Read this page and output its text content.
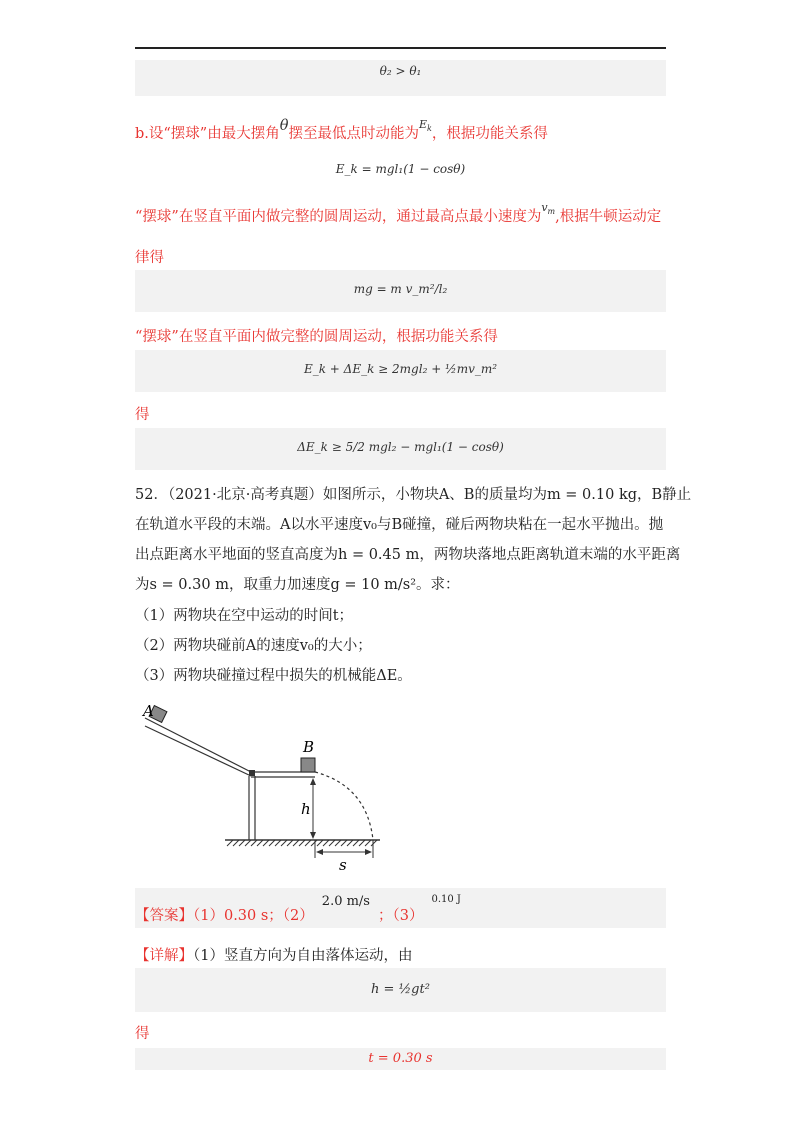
θ₂ > θ₁
b.设“摆球”由最大摆角θ摆至最低点时动能为$^{E_k}$，根据功能关系得
E_k = mgl₁(1 − cosθ)
“摆球”在竖直平面内做完整的圆周运动，通过最高点最小速度为$^{v_m}$,根据牛顿运动定
律得
mg = m v_m²/l₂
“摆球”在竖直平面内做完整的圆周运动，根据功能关系得
E_k + ΔE_k ≥ 2mgl₂ + ½mv_m²
得
ΔE_k ≥ 5/2 mgl₂ − mgl₁(1 − cosθ)
52．（2021·北京·高考真题）如图所示，小物块A、B的质量均为m = 0.10 kg，B静止
在轨道水平段的末端。A以水平速度v₀与B碰撞，碰后两物块粘在一起水平抛出。抛
出点距离水平地面的竖直高度为h = 0.45 m，两物块落地点距离轨道末端的水平距离
为s = 0.30 m，取重力加速度g = 10 m/s²。求：
（1）两物块在空中运动的时间t；
（2）两物块碰前A的速度v₀的大小；
（3）两物块碰撞过程中损失的机械能ΔE。
A
B
h
s
【答案】（1）0.30 s；（2）2.0 m/s；$(3)^{0.10 J}$
【详解】（1）竖直方向为自由落体运动，由
h = ½gt²
得
t = 0.30 s
